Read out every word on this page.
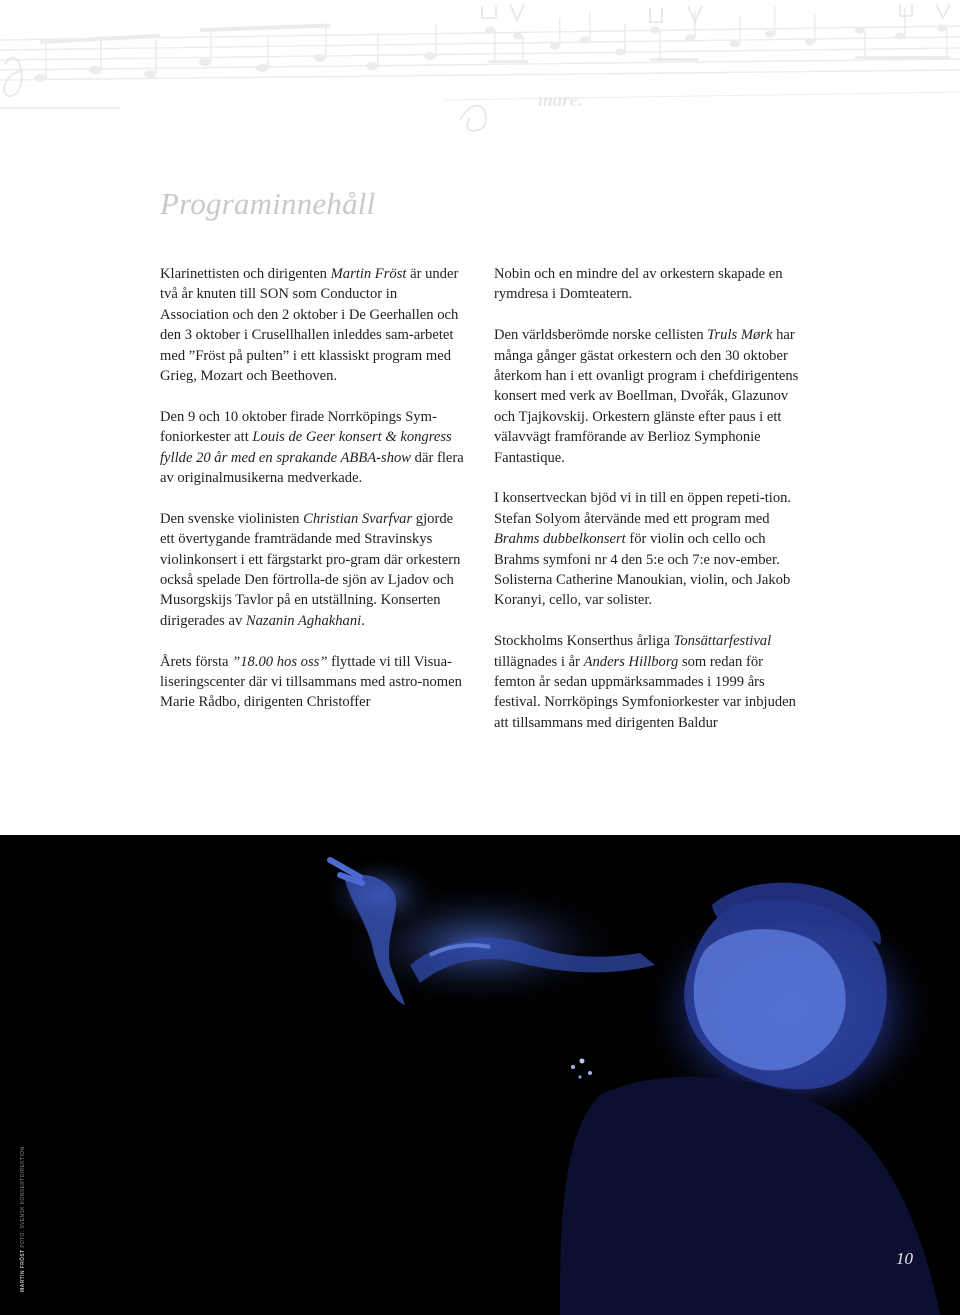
mare.
Programinnehåll

Klarinettisten och dirigenten Martin Fröst är under två år knuten till SON som Conductor in Association och den 2 oktober i De Geerhallen och den 3 oktober i Crusellhallen inleddes sam-arbetet med ”Fröst på pulten” i ett klassiskt program med Grieg, Mozart och Beethoven.

Den 9 och 10 oktober firade Norrköpings Sym-foniorkester att Louis de Geer konsert & kongress fyllde 20 år med en sprakande ABBA-show där flera av originalmusikerna medverkade.

Den svenske violinisten Christian Svarfvar gjorde ett övertygande framträdande med Stravinskys violinkonsert i ett färgstarkt pro-gram där orkestern också spelade Den förtrolla-de sjön av Ljadov och Musorgskijs Tavlor på en utställning. Konserten dirigerades av Nazanin Aghakhani.

Årets första ”18.00 hos oss” flyttade vi till Visua-liseringscenter där vi tillsammans med astro-nomen Marie Rådbo, dirigenten Christoffer

Nobin och en mindre del av orkestern skapade en rymdresa i Domteatern.

Den världsberömde norske cellisten Truls Mørk har många gånger gästat orkestern och den 30 oktober återkom han i ett ovanligt program i chefdirigentens konsert med verk av Boellman, Dvořák, Glazunov och Tjajkovskij. Orkestern glänste efter paus i ett välavvägt framförande av Berlioz Symphonie Fantastique.

I konsertveckan bjöd vi in till en öppen repeti-tion. Stefan Solyom återvände med ett program med Brahms dubbelkonsert för violin och cello och Brahms symfoni nr 4 den 5:e och 7:e nov-ember. Solisterna Catherine Manoukian, violin, och Jakob Koranyi, cello, var solister.

Stockholms Konserthus årliga Tonsättarfestival tillägnades i år Anders Hillborg som redan för femton år sedan uppmärksammades i 1999 års festival. Norrköpings Symfoniorkester var inbjuden att tillsammans med dirigenten Baldur

MARTIN FRÖST FOTO: SVENSK KONSERTDIREKTION
10
